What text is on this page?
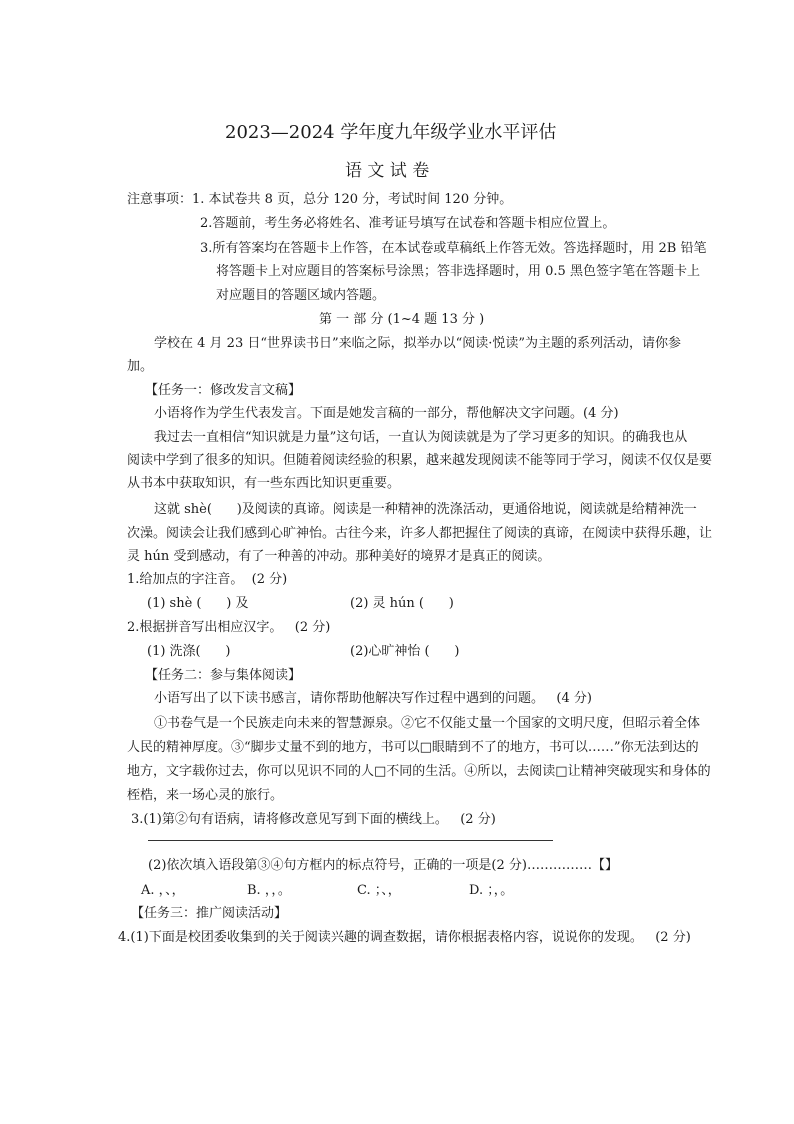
2023—2024 学年度九年级学业水平评估
语 文 试 卷
注意事项：1. 本试卷共 8 页，总分 120 分，考试时间 120 分钟。
2.答题前，考生务必将姓名、准考证号填写在试卷和答题卡相应位置上。
3.所有答案均在答题卡上作答，在本试卷或草稿纸上作答无效。答选择题时，用 2B 铅笔
将答题卡上对应题目的答案标号涂黑；答非选择题时，用 0.5 黑色签字笔在答题卡上
对应题目的答题区域内答题。
第 一 部 分 (1~4 题 13 分 )
学校在 4 月 23 日“世界读书日”来临之际，拟举办以“阅读·悦读”为主题的系列活动，请你参
加。
【任务一：修改发言文稿】
小语将作为学生代表发言。下面是她发言稿的一部分，帮他解决文字问题。(4 分)
我过去一直相信“知识就是力量”这句话，一直认为阅读就是为了学习更多的知识。的确我也从
阅读中学到了很多的知识。但随着阅读经验的积累，越来越发现阅读不能等同于学习，阅读不仅仅是要
从书本中获取知识，有一些东西比知识更重要。
这就 shè(      )及阅读的真谛。阅读是一种精神的洗涤活动，更通俗地说，阅读就是给精神洗一
次澡。阅读会让我们感到心旷神怡。古往今来，许多人都把握住了阅读的真谛，在阅读中获得乐趣，让
灵 hún 受到感动，有了一种善的冲动。那种美好的境界才是真正的阅读。
1.给加点的字注音。  (2 分)
(1) shè (      ) 及	(2) 灵 hún (      )
2.根据拼音写出相应汉字。   (2 分)
(1) 洗涤(      )	(2)心旷神怡 (      )
【任务二：参与集体阅读】
小语写出了以下读书感言，请你帮助他解决写作过程中遇到的问题。   (4 分)
①书卷气是一个民族走向未来的智慧源泉。②它不仅能丈量一个国家的文明尺度，但昭示着全体
人民的精神厚度。③“脚步丈量不到的地方，书可以□眼睛到不了的地方，书可以……”你无法到达的
地方，文字载你过去，你可以见识不同的人□不同的生活。④所以，去阅读□让精神突破现实和身体的
桎梏，来一场心灵的旅行。
3.(1)第②句有语病，请将修改意见写到下面的横线上。   (2 分)
(2)依次填入语段第③④句方框内的标点符号，正确的一项是(2 分)……………【】
A. ，、，	B. ，，。	C. ；、，	D. ；，。
【任务三：推广阅读活动】
4.(1)下面是校团委收集到的关于阅读兴趣的调查数据，请你根据表格内容，说说你的发现。   (2 分)
